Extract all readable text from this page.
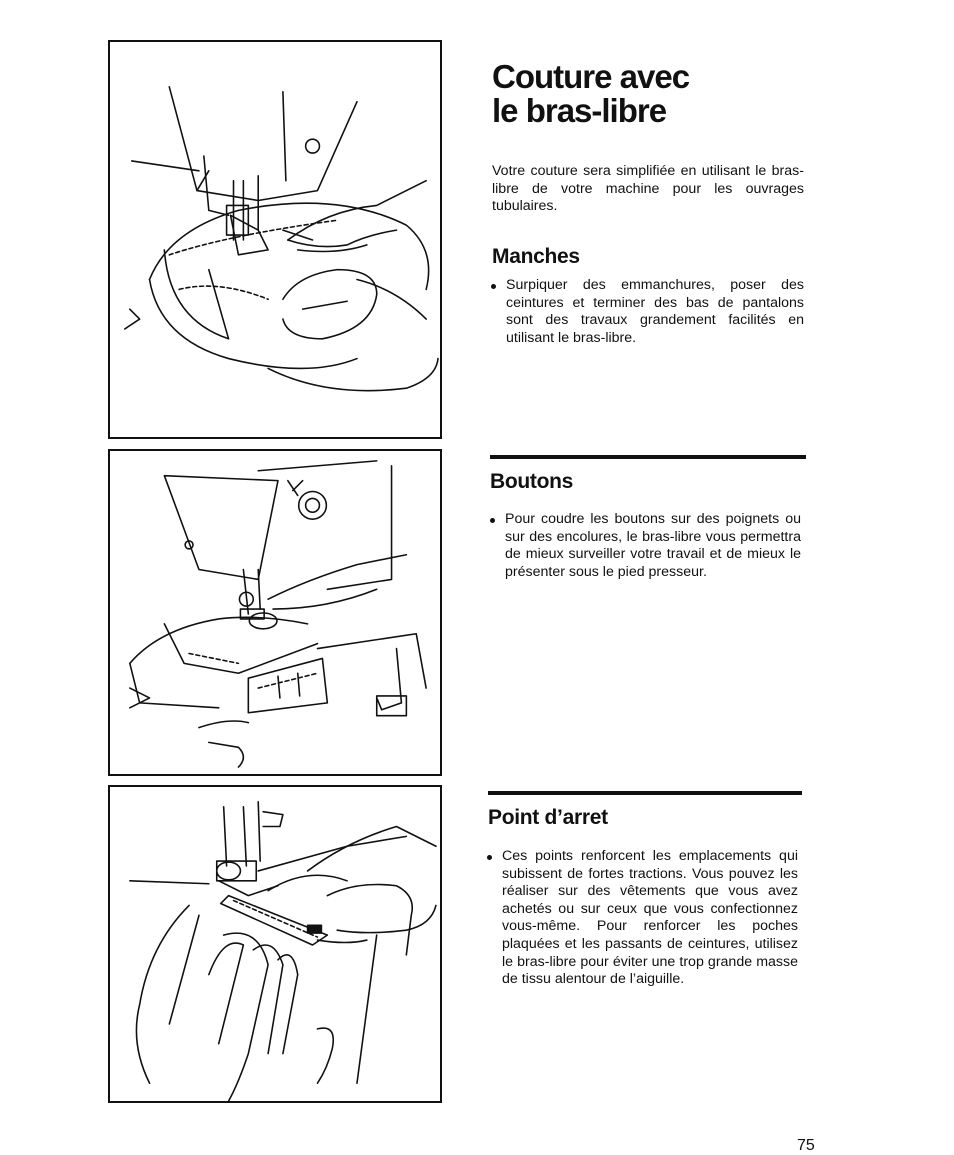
Couture avec
le bras-libre

Votre couture sera simplifiée en utilisant le bras-libre de votre machine pour les ouvrages tubulaires.

Manches
Surpiquer des emmanchures, poser des ceintures et terminer des bas de pantalons sont des travaux grandement facilités en utilisant le bras-libre.
Boutons
Pour coudre les boutons sur des poignets ou sur des encolures, le bras-libre vous permettra de mieux surveiller votre travail et de mieux le présenter sous le pied presseur.
Point d’arret
Ces points renforcent les emplacements qui subissent de fortes tractions. Vous pouvez les réaliser sur des vêtements que vous avez achetés ou sur ceux que vous confectionnez vous-même. Pour renforcer les poches plaquées et les passants de ceintures, utilisez le bras-libre pour éviter une trop grande masse de tissu alentour de l’aiguille.
75
